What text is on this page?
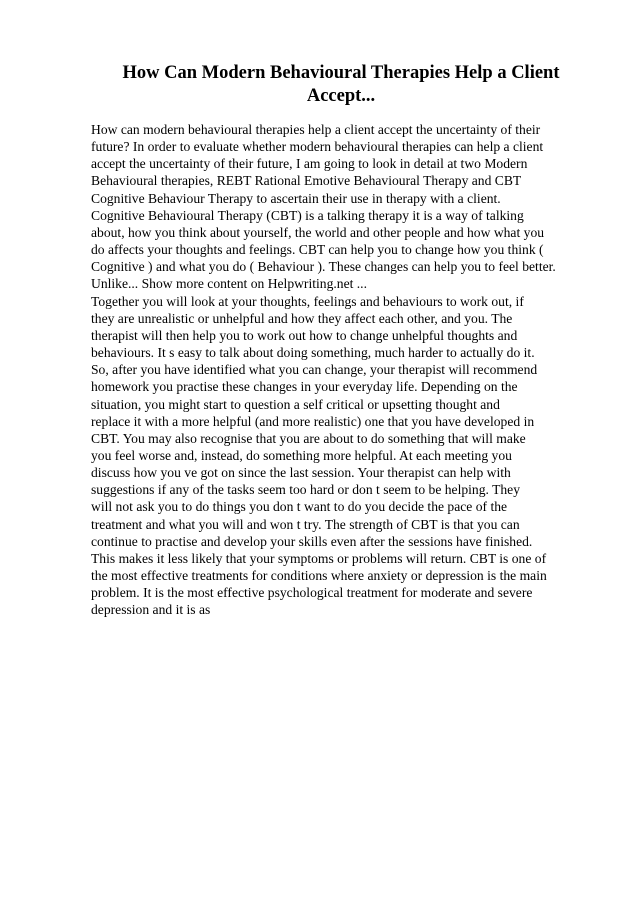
How Can Modern Behavioural Therapies Help a Client
Accept...
How can modern behavioural therapies help a client accept the uncertainty of their
future? In order to evaluate whether modern behavioural therapies can help a client
accept the uncertainty of their future, I am going to look in detail at two Modern
Behavioural therapies, REBT Rational Emotive Behavioural Therapy and CBT
Cognitive Behaviour Therapy to ascertain their use in therapy with a client.
Cognitive Behavioural Therapy (CBT) is a talking therapy it is a way of talking
about, how you think about yourself, the world and other people and how what you
do affects your thoughts and feelings. CBT can help you to change how you think (
Cognitive ) and what you do ( Behaviour ). These changes can help you to feel better.
Unlike... Show more content on Helpwriting.net ...
Together you will look at your thoughts, feelings and behaviours to work out, if
they are unrealistic or unhelpful and how they affect each other, and you. The
therapist will then help you to work out how to change unhelpful thoughts and
behaviours. It s easy to talk about doing something, much harder to actually do it.
So, after you have identified what you can change, your therapist will recommend
homework you practise these changes in your everyday life. Depending on the
situation, you might start to question a self critical or upsetting thought and
replace it with a more helpful (and more realistic) one that you have developed in
CBT. You may also recognise that you are about to do something that will make
you feel worse and, instead, do something more helpful. At each meeting you
discuss how you ve got on since the last session. Your therapist can help with
suggestions if any of the tasks seem too hard or don t seem to be helping. They
will not ask you to do things you don t want to do you decide the pace of the
treatment and what you will and won t try. The strength of CBT is that you can
continue to practise and develop your skills even after the sessions have finished.
This makes it less likely that your symptoms or problems will return. CBT is one of
the most effective treatments for conditions where anxiety or depression is the main
problem. It is the most effective psychological treatment for moderate and severe
depression and it is as
